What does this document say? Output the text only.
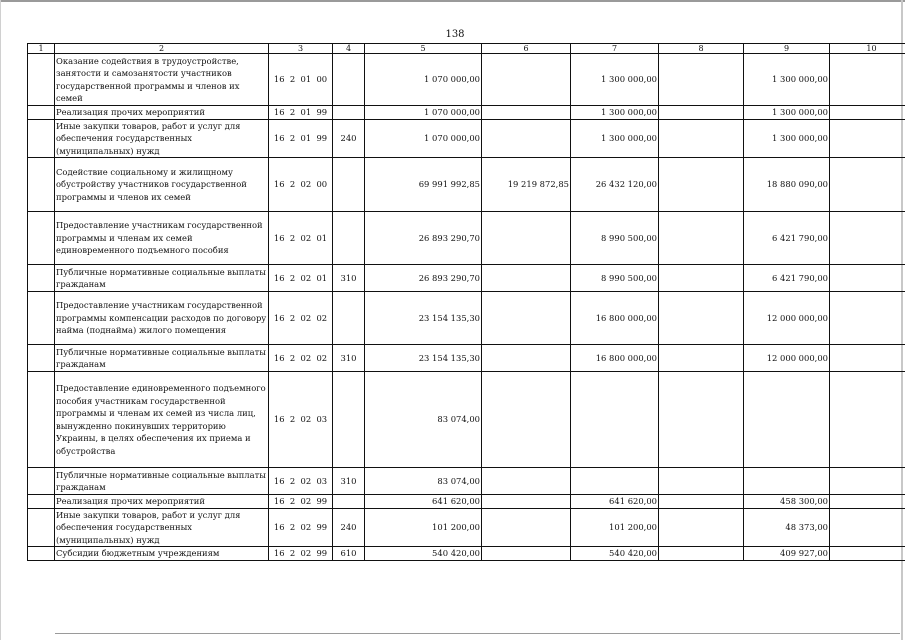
138
1	2	3	4	5	6	7	8	9	10
	Оказание содействия в трудоустройстве, занятости и самозанятости участников государственной программы и членов их семей	16  2  01  00		1 070 000,00		1 300 000,00		1 300 000,00	
	Реализация прочих мероприятий	16  2  01  99		1 070 000,00		1 300 000,00		1 300 000,00	
	Иные закупки товаров, работ и услуг для обеспечения государственных (муниципальных) нужд	16  2  01  99	240	1 070 000,00		1 300 000,00		1 300 000,00	
	Содействие социальному и жилищному обустройству участников государственной программы и членов их семей	16  2  02  00		69 991 992,85	19 219 872,85	26 432 120,00		18 880 090,00	
	Предоставление участникам государственной программы и членам их семей единовременного подъемного пособия	16  2  02  01		26 893 290,70		8 990 500,00		6 421 790,00	
	Публичные нормативные социальные выплаты гражданам	16  2  02  01	310	26 893 290,70		8 990 500,00		6 421 790,00	
	Предоставление участникам государственной программы компенсации расходов по договору найма (поднайма) жилого помещения	16  2  02  02		23 154 135,30		16 800 000,00		12 000 000,00	
	Публичные нормативные социальные выплаты гражданам	16  2  02  02	310	23 154 135,30		16 800 000,00		12 000 000,00	
	Предоставление единовременного подъемного пособия участникам государственной программы и членам их семей из числа лиц, вынужденно покинувших территорию Украины, в целях обеспечения их приема и обустройства	16  2  02  03		83 074,00					
	Публичные нормативные социальные выплаты гражданам	16  2  02  03	310	83 074,00					
	Реализация прочих мероприятий	16  2  02  99		641 620,00		641 620,00		458 300,00	
	Иные закупки товаров, работ и услуг для обеспечения государственных (муниципальных) нужд	16  2  02  99	240	101 200,00		101 200,00		48 373,00	
	Субсидии бюджетным учреждениям	16  2  02  99	610	540 420,00		540 420,00		409 927,00	
